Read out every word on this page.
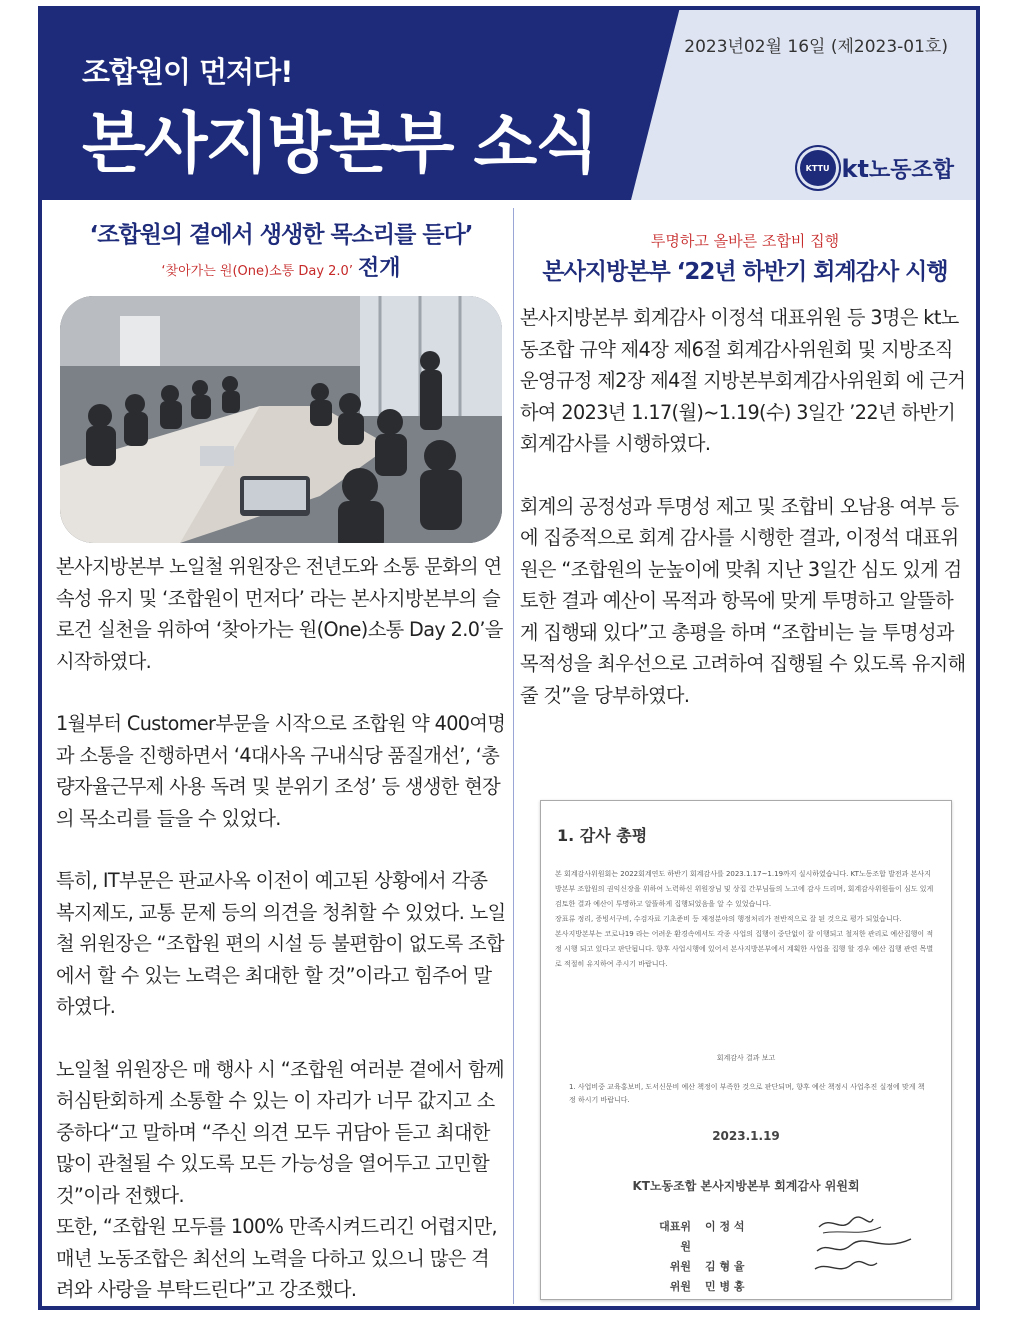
조합원이 먼저다!
본사지방본부 소식
2023년02월 16일 (제2023-01호)
KTTU kt노동조합
‘조합원의 곁에서 생생한 목소리를 듣다’
‘찾아가는 원(One)소통 Day 2.0’ 전개

본사지방본부 노일철 위원장은 전년도와 소통 문화의 연속성 유지 및 ‘조합원이 먼저다’ 라는 본사지방본부의 슬로건 실천을 위하여 ‘찾아가는 원(One)소통 Day 2.0’을 시작하였다.

1월부터 Customer부문을 시작으로 조합원 약 400여명과 소통을 진행하면서 ‘4대사옥 구내식당 품질개선’, ‘총량자율근무제 사용 독려 및 분위기 조성’ 등 생생한 현장의 목소리를 들을 수 있었다.

특히, IT부문은 판교사옥 이전이 예고된 상황에서 각종 복지제도, 교통 문제 등의 의견을 청취할 수 있었다. 노일철 위원장은 “조합원 편의 시설 등 불편함이 없도록 조합에서 할 수 있는 노력은 최대한 할 것”이라고 힘주어 말하였다.

노일철 위원장은 매 행사 시 “조합원 여러분 곁에서 함께 허심탄회하게 소통할 수 있는 이 자리가 너무 값지고 소중하다“고 말하며 “주신 의견 모두 귀담아 듣고 최대한 많이 관철될 수 있도록 모든 가능성을 열어두고 고민할 것”이라 전했다.

또한, “조합원 모두를 100% 만족시켜드리긴 어렵지만, 매년 노동조합은 최선의 노력을 다하고 있으니 많은 격려와 사랑을 부탁드린다”고 강조했다.

투명하고 올바른 조합비 집행
본사지방본부 ‘22년 하반기 회계감사 시행

본사지방본부 회계감사 이정석 대표위원 등 3명은 kt노동조합 규약 제4장 제6절 회계감사위원회 및 지방조직운영규정 제2장 제4절 지방본부회계감사위원회 에 근거하여 2023년 1.17(월)~1.19(수) 3일간 ’22년 하반기 회계감사를 시행하였다.

회계의 공정성과 투명성 제고 및 조합비 오남용 여부 등에 집중적으로 회계 감사를 시행한 결과, 이정석 대표위원은 “조합원의 눈높이에 맞춰 지난 3일간 심도 있게 검토한 결과 예산이 목적과 항목에 맞게 투명하고 알뜰하게 집행돼 있다”고 총평을 하며 “조합비는 늘 투명성과 목적성을 최우선으로 고려하여 집행될 수 있도록 유지해 줄 것”을 당부하였다.

1. 감사 총평
본 회계감사위원회는 2022회계연도 하반기 회계감사를 2023.1.17~1.19까지 실시하였습니다. KT노동조합 발전과 본사지방본부 조합원의 권익신장을 위하여 노력하신 위원장님 및 상집 간부님들의 노고에 감사 드리며, 회계감사위원들이 심도 있게 검토한 결과 예산이 투명하고 알뜰하게 집행되었음을 알 수 있었습니다.
장표류 정리, 증빙서구비, 수검자료 기초준비 등 재정분야의 행정처리가 전반적으로 잘 된 것으로 평가 되었습니다.
본사지방본부는 코로나19 라는 어려운 환경속에서도 각종 사업의 집행이 중단없이 잘 이행되고 철저한 관리로 예산집행이 적정 시행 되고 있다고 판단됩니다. 향후 사업시행에 있어서 본사지방본부에서 계획한 사업을 집행 할 경우 예산 집행 관련 목별로 적절히 유지하여 주시기 바랍니다.
회계감사 결과 보고
1. 사업비중 교육홍보비, 도서신문비 예산 책정이 부족한 것으로 판단되며, 향후 예산 책정시 사업추진 실정에 맞게 책정 하시기 바랍니다.
2023.1.19
KT노동조합 본사지방본부 회계감사 위원회
대표위원
이 정 석
위원 김 형 율
위원 민 병 홍
